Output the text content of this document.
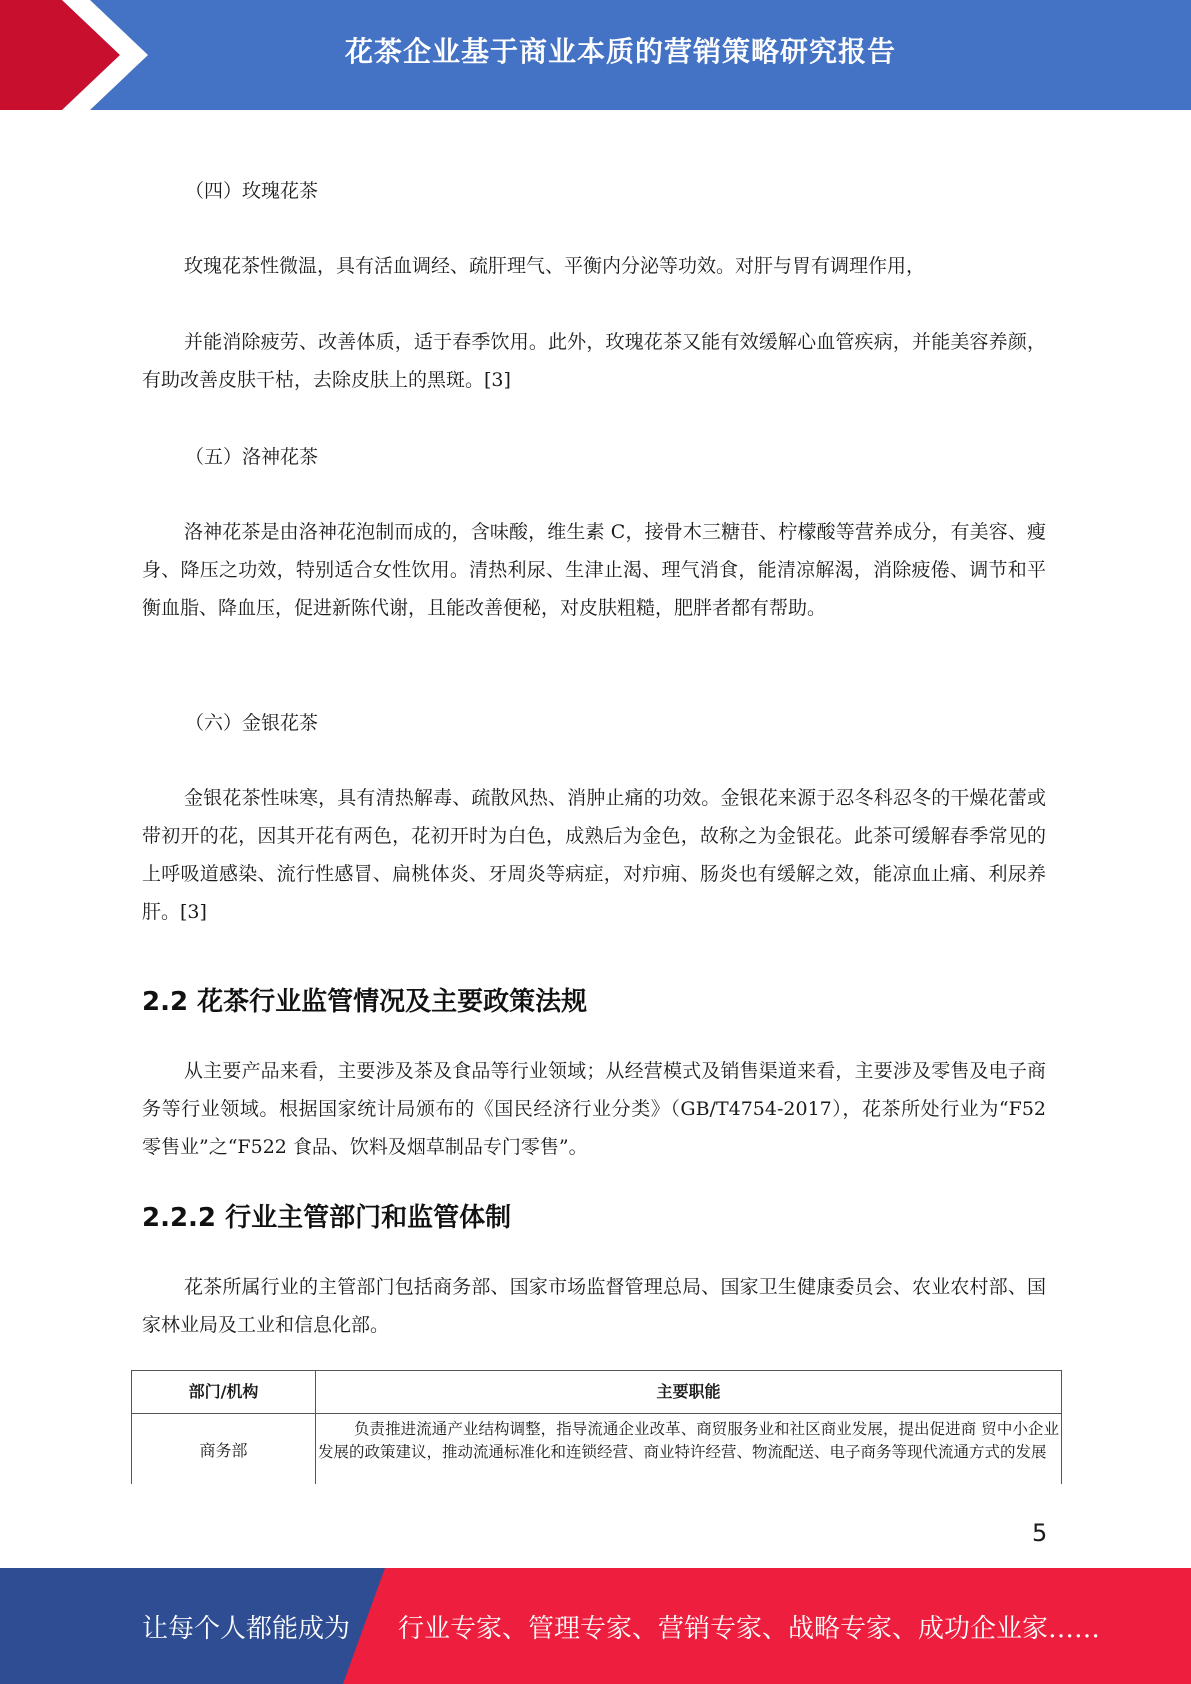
花茶企业基于商业本质的营销策略研究报告
（四）玫瑰花茶
玫瑰花茶性微温，具有活血调经、疏肝理气、平衡内分泌等功效。对肝与胃有调理作用，
并能消除疲劳、改善体质，适于春季饮用。此外，玫瑰花茶又能有效缓解心血管疾病，并能美容养颜，有助改善皮肤干枯，去除皮肤上的黑斑。[3]
（五）洛神花茶
洛神花茶是由洛神花泡制而成的，含味酸，维生素 C，接骨木三糖苷、柠檬酸等营养成分，有美容、瘦身、降压之功效，特别适合女性饮用。清热利尿、生津止渴、理气消食，能清凉解渴，消除疲倦、调节和平衡血脂、降血压，促进新陈代谢，且能改善便秘，对皮肤粗糙，肥胖者都有帮助。
（六）金银花茶
金银花茶性味寒，具有清热解毒、疏散风热、消肿止痛的功效。金银花来源于忍冬科忍冬的干燥花蕾或带初开的花，因其开花有两色，花初开时为白色，成熟后为金色，故称之为金银花。此茶可缓解春季常见的上呼吸道感染、流行性感冒、扁桃体炎、牙周炎等病症，对疖痈、肠炎也有缓解之效，能凉血止痛、利尿养肝。[3]
2.2 花茶行业监管情况及主要政策法规
从主要产品来看，主要涉及茶及食品等行业领域；从经营模式及销售渠道来看，主要涉及零售及电子商务等行业领域。根据国家统计局颁布的《国民经济行业分类》（GB/T4754-2017），花茶所处行业为“F52 零售业”之“F522 食品、饮料及烟草制品专门零售”。
2.2.2 行业主管部门和监管体制
花茶所属行业的主管部门包括商务部、国家市场监督管理总局、国家卫生健康委员会、农业农村部、国家林业局及工业和信息化部。
部门/机构	主要职能
商务部
负责推进流通产业结构调整，指导流通企业改革、商贸服务业和社区商业发展，提出促进商 贸中小企业发展的政策建议，推动流通标准化和连锁经营、商业特许经营、物流配送、电子商务等现代流通方式的发展
5
让每个人都能成为 行业专家、管理专家、营销专家、战略专家、成功企业家……
